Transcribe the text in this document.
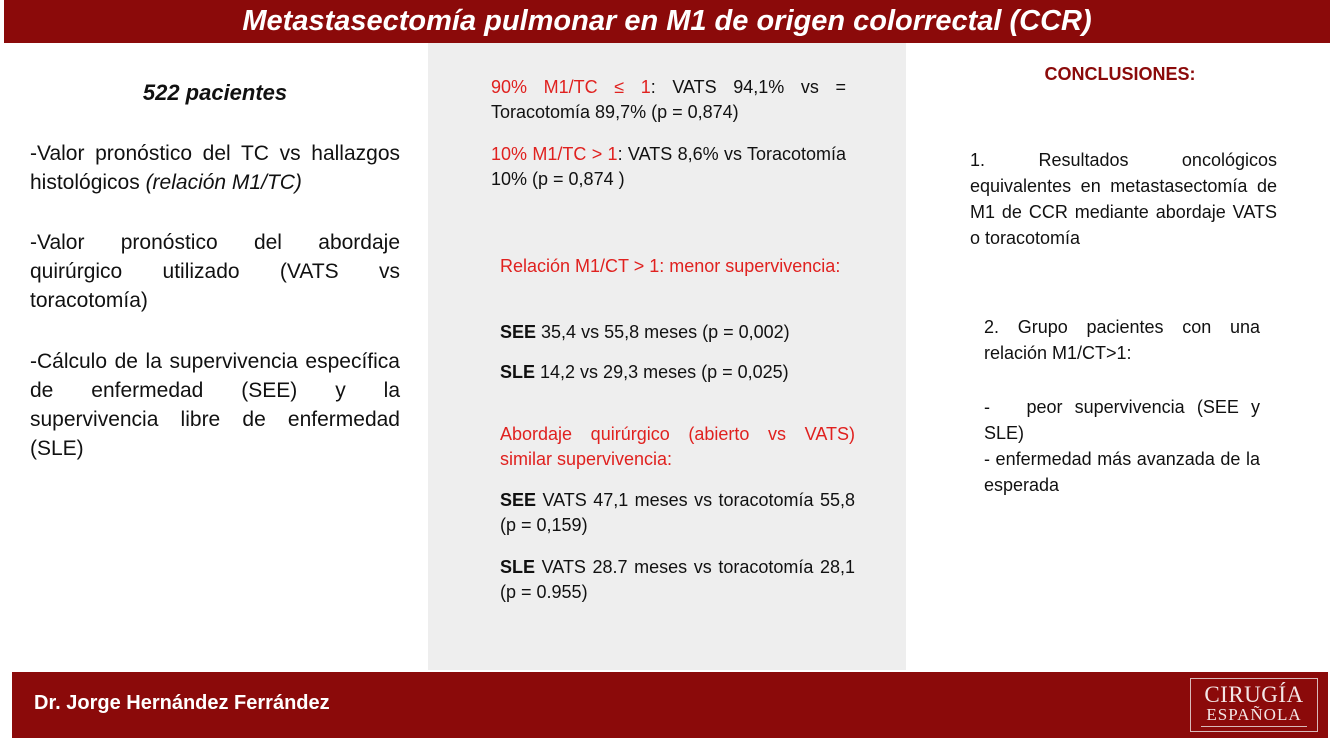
Metastasectomía pulmonar en M1 de origen colorrectal (CCR)
522 pacientes

-Valor pronóstico del TC vs hallazgos histológicos (relación M1/TC)

-Valor pronóstico del abordaje quirúrgico utilizado (VATS vs toracotomía)

-Cálculo de la supervivencia específica de enfermedad (SEE) y la supervivencia libre de enfermedad (SLE)

90% M1/TC ≤ 1: VATS 94,1% vs = Toracotomía 89,7% (p = 0,874)

10% M1/TC > 1: VATS 8,6% vs Toracotomía 10% (p = 0,874 )

Relación M1/CT > 1: menor supervivencia:

SEE 35,4 vs 55,8 meses (p = 0,002)

SLE 14,2 vs 29,3 meses (p = 0,025)

Abordaje quirúrgico (abierto vs VATS) similar supervivencia:

SEE VATS 47,1 meses vs toracotomía 55,8 (p = 0,159)

SLE VATS 28.7 meses vs toracotomía 28,1 (p = 0.955)

CONCLUSIONES:

1. Resultados oncológicos equivalentes en metastasectomía de M1 de CCR mediante abordaje VATS o toracotomía

2. Grupo pacientes con una relación M1/CT>1:

-   peor supervivencia (SEE y SLE)

- enfermedad más avanzada de la esperada

Dr. Jorge Hernández Ferrández	CIRUGÍA
ESPAÑOLA
